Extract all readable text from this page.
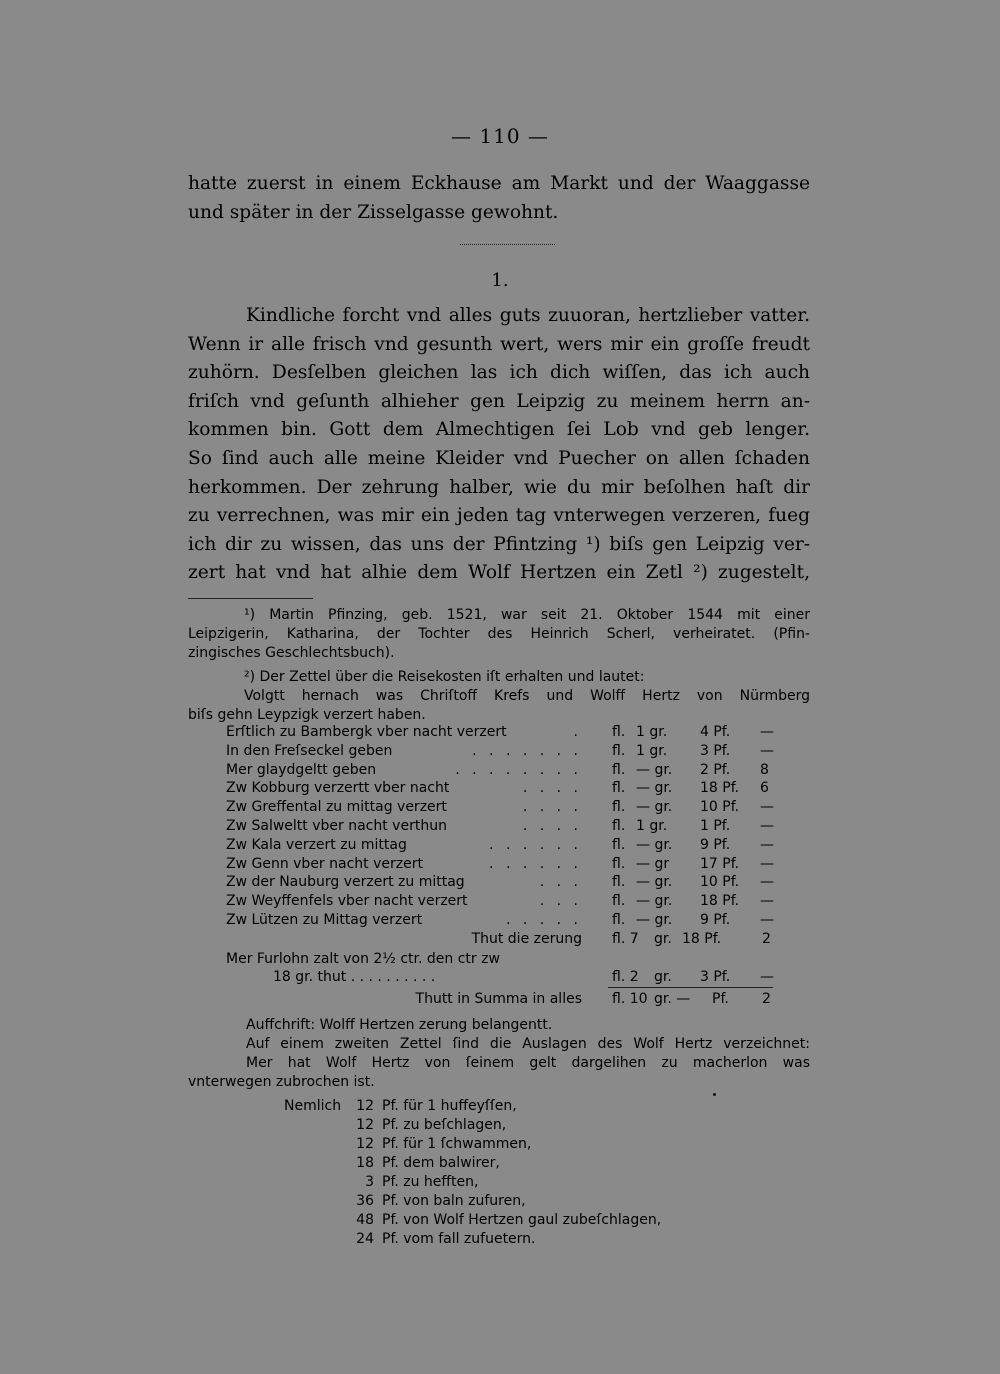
— 110 —
hatte zuerst in einem Eckhause am Markt und der Waaggasse
und später in der Zisselgasse gewohnt.
1.
Kindliche forcht vnd alles guts zuuoran, hertzlieber vatter.
Wenn ir alle frisch vnd gesunth wert, wers mir ein groſſe freudt
zuhörn. Desſelben gleichen las ich dich wiſſen, das ich auch
friſch vnd geſunth alhieher gen Leipzig zu meinem herrn an-
kommen bin. Gott dem Almechtigen ſei Lob vnd geb lenger.
So ſind auch alle meine Kleider vnd Puecher on allen ſchaden
herkommen. Der zehrung halber, wie du mir beſolhen haſt dir
zu verrechnen, was mir ein jeden tag vnterwegen verzeren, fueg
ich dir zu wissen, das uns der Pfintzing ¹) biſs gen Leipzig ver-
zert hat vnd hat alhie dem Wolf Hertzen ein Zetl ²) zugestelt,
¹) Martin Pfinzing, geb. 1521, war seit 21. Oktober 1544 mit einer
Leipzigerin, Katharina, der Tochter des Heinrich Scherl, verheiratet. (Pfin-
zingisches Geschlechtsbuch).
²) Der Zettel über die Reisekosten iſt erhalten und lautet:
Volgtt hernach was Chriſtoff Krefs und Wolff Hertz von Nürmberg
biſs gehn Leypzigk verzert haben.
Erſtlich zu Bambergk vber nacht verzert	. fl. 1 gr.	4 Pf.	—
In den Freſseckel geben	. . . . . . . fl. 1 gr.	3 Pf.	—
Mer glaydgeltt geben	. . . . . . . . fl. — gr.	2 Pf.	8
Zw Kobburg verzertt vber nacht	. . . . fl. — gr.	18 Pf.	6
Zw Greffental zu mittag verzert	. . . . fl. — gr.	10 Pf.	—
Zw Salweltt vber nacht verthun	. . . . fl. 1 gr.	1 Pf.	—
Zw Kala verzert zu mittag	. . . . . . fl. — gr.	9 Pf.	—
Zw Genn vber nacht verzert	. . . . . . fl. — gr	17 Pf.	—
Zw der Nauburg verzert zu mittag	. . . fl. — gr.	10 Pf.	—
Zw Weyffenfels vber nacht verzert	. . . fl. — gr.	18 Pf.	—
Zw Lützen zu Mittag verzert	. . . . . fl. — gr.	9 Pf.	—
Thut die zerung fl. 7 gr. 18 Pf.	2
Mer Furlohn zalt von 2½ ctr. den ctr zw
18 gr. thut . . . . . . . . . .	fl. 2 gr. 3 Pf. —
Thutt in Summa in alles fl. 10 gr. — Pf. 2
Auffchrift: Wolff Hertzen zerung belangentt.
Auf einem zweiten Zettel ſind die Auslagen des Wolf Hertz verzeichnet:
Mer hat Wolf Hertz von ſeinem gelt dargelihen zu macherlon was
vnterwegen zubrochen ist.
Nemlich	12 Pf. für 1 huffeyſſen,
12 Pf. zu beſchlagen,
12 Pf. für 1 ſchwammen,
18 Pf. dem balwirer,
3 Pf. zu hefften,
36 Pf. von baln zufuren,
48 Pf. von Wolf Hertzen gaul zubeſchlagen,
24 Pf. vom fall zufuetern.
